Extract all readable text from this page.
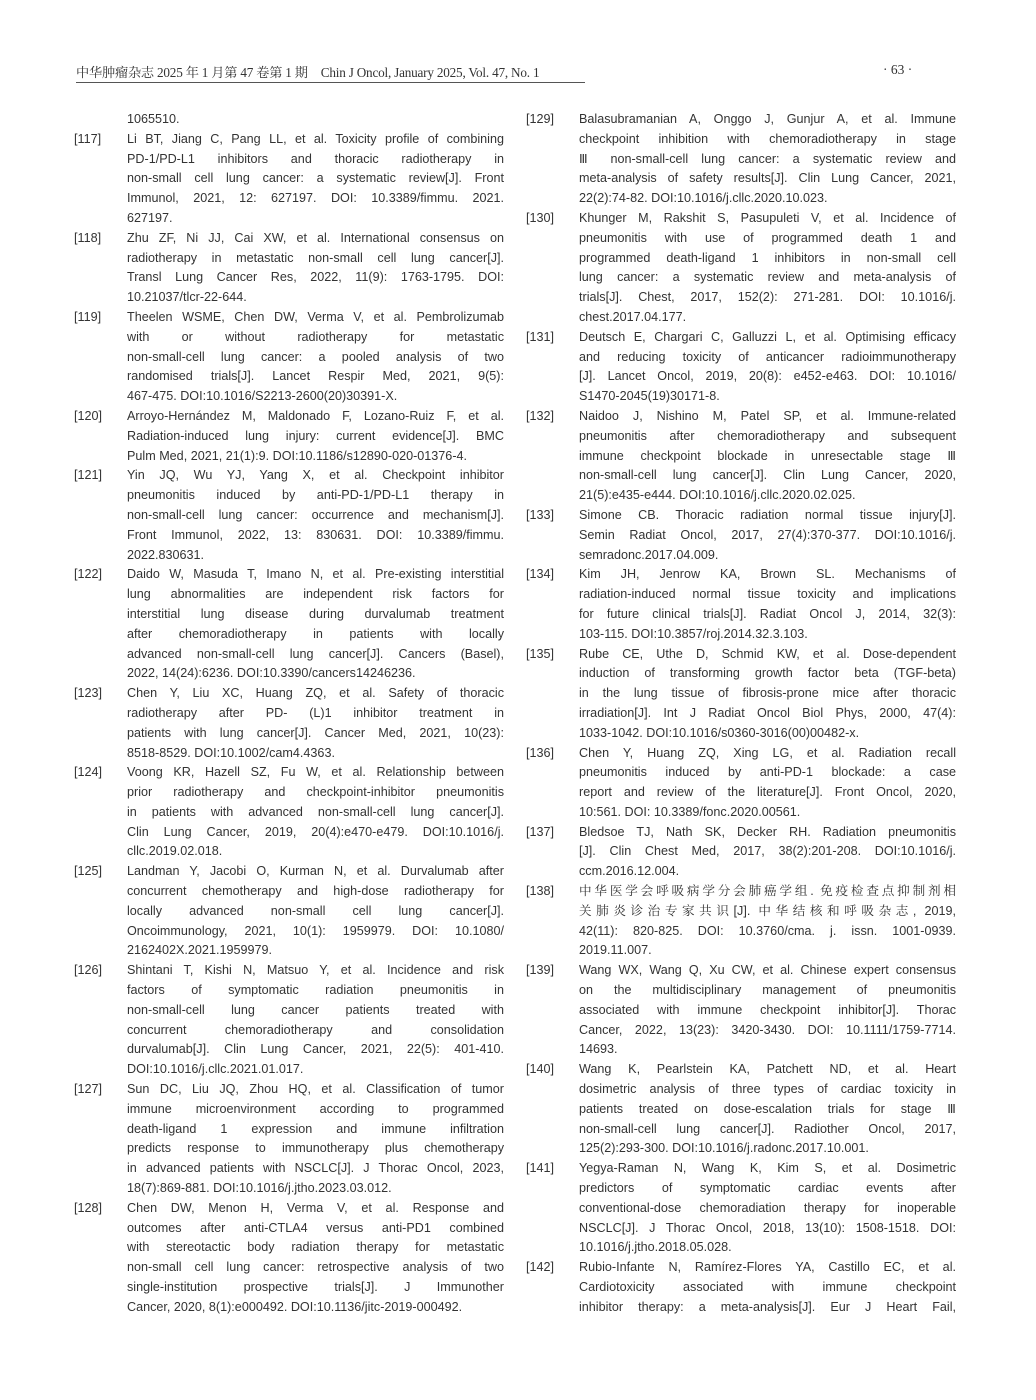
中华肿瘤杂志 2025 年 1 月第 47 卷第 1 期　Chin J Oncol, January 2025, Vol. 47, No. 1	· 63 ·
1065510.
[117] Li BT, Jiang C, Pang LL, et al. Toxicity profile of combining
PD-1/PD-L1 inhibitors and thoracic radiotherapy in
non-small cell lung cancer: a systematic review[J]. Front
Immunol, 2021, 12: 627197. DOI: 10.3389/fimmu. 2021.
627197.
[118] Zhu ZF, Ni JJ, Cai XW, et al. International consensus on
radiotherapy in metastatic non-small cell lung cancer[J].
Transl Lung Cancer Res, 2022, 11(9): 1763-1795. DOI:
10.21037/tlcr-22-644.
[119] Theelen WSME, Chen DW, Verma V, et al. Pembrolizumab
with or without radiotherapy for metastatic
non-small-cell lung cancer: a pooled analysis of two
randomised trials[J]. Lancet Respir Med, 2021, 9(5):
467-475. DOI:10.1016/S2213-2600(20)30391-X.
[120] Arroyo-Hernández M, Maldonado F, Lozano-Ruiz F, et al.
Radiation-induced lung injury: current evidence[J]. BMC
Pulm Med, 2021, 21(1):9. DOI:10.1186/s12890-020-01376-4.
[121] Yin JQ, Wu YJ, Yang X, et al. Checkpoint inhibitor
pneumonitis induced by anti-PD-1/PD-L1 therapy in
non-small-cell lung cancer: occurrence and mechanism[J].
Front Immunol, 2022, 13: 830631. DOI: 10.3389/fimmu.
2022.830631.
[122] Daido W, Masuda T, Imano N, et al. Pre-existing interstitial
lung abnormalities are independent risk factors for
interstitial lung disease during durvalumab treatment
after chemoradiotherapy in patients with locally
advanced non-small-cell lung cancer[J]. Cancers (Basel),
2022, 14(24):6236. DOI:10.3390/cancers14246236.
[123] Chen Y, Liu XC, Huang ZQ, et al. Safety of thoracic
radiotherapy after PD- (L)1 inhibitor treatment in
patients with lung cancer[J]. Cancer Med, 2021, 10(23):
8518-8529. DOI:10.1002/cam4.4363.
[124] Voong KR, Hazell SZ, Fu W, et al. Relationship between
prior radiotherapy and checkpoint-inhibitor pneumonitis
in patients with advanced non-small-cell lung cancer[J].
Clin Lung Cancer, 2019, 20(4):e470-e479. DOI:10.1016/j.
cllc.2019.02.018.
[125] Landman Y, Jacobi O, Kurman N, et al. Durvalumab after
concurrent chemotherapy and high-dose radiotherapy for
locally advanced non-small cell lung cancer[J].
Oncoimmunology, 2021, 10(1): 1959979. DOI: 10.1080/
2162402X.2021.1959979.
[126] Shintani T, Kishi N, Matsuo Y, et al. Incidence and risk
factors of symptomatic radiation pneumonitis in
non-small-cell lung cancer patients treated with
concurrent chemoradiotherapy and consolidation
durvalumab[J]. Clin Lung Cancer, 2021, 22(5): 401-410.
DOI:10.1016/j.cllc.2021.01.017.
[127] Sun DC, Liu JQ, Zhou HQ, et al. Classification of tumor
immune microenvironment according to programmed
death-ligand 1 expression and immune infiltration
predicts response to immunotherapy plus chemotherapy
in advanced patients with NSCLC[J]. J Thorac Oncol, 2023,
18(7):869-881. DOI:10.1016/j.jtho.2023.03.012.
[128] Chen DW, Menon H, Verma V, et al. Response and
outcomes after anti-CTLA4 versus anti-PD1 combined
with stereotactic body radiation therapy for metastatic
non-small cell lung cancer: retrospective analysis of two
single-institution prospective trials[J]. J Immunother
Cancer, 2020, 8(1):e000492. DOI:10.1136/jitc-2019-000492.
[129] Balasubramanian A, Onggo J, Gunjur A, et al. Immune
checkpoint inhibition with chemoradiotherapy in stage
Ⅲ non-small-cell lung cancer: a systematic review and
meta-analysis of safety results[J]. Clin Lung Cancer, 2021,
22(2):74-82. DOI:10.1016/j.cllc.2020.10.023.
[130] Khunger M, Rakshit S, Pasupuleti V, et al. Incidence of
pneumonitis with use of programmed death 1 and
programmed death-ligand 1 inhibitors in non-small cell
lung cancer: a systematic review and meta-analysis of
trials[J]. Chest, 2017, 152(2): 271-281. DOI: 10.1016/j.
chest.2017.04.177.
[131] Deutsch E, Chargari C, Galluzzi L, et al. Optimising efficacy
and reducing toxicity of anticancer radioimmunotherapy
[J]. Lancet Oncol, 2019, 20(8): e452-e463. DOI: 10.1016/
S1470-2045(19)30171-8.
[132] Naidoo J, Nishino M, Patel SP, et al. Immune-related
pneumonitis after chemoradiotherapy and subsequent
immune checkpoint blockade in unresectable stage Ⅲ
non-small-cell lung cancer[J]. Clin Lung Cancer, 2020,
21(5):e435-e444. DOI:10.1016/j.cllc.2020.02.025.
[133] Simone CB. Thoracic radiation normal tissue injury[J].
Semin Radiat Oncol, 2017, 27(4):370-377. DOI:10.1016/j.
semradonc.2017.04.009.
[134] Kim JH, Jenrow KA, Brown SL. Mechanisms of
radiation-induced normal tissue toxicity and implications
for future clinical trials[J]. Radiat Oncol J, 2014, 32(3):
103-115. DOI:10.3857/roj.2014.32.3.103.
[135] Rube CE, Uthe D, Schmid KW, et al. Dose-dependent
induction of transforming growth factor beta (TGF-beta)
in the lung tissue of fibrosis-prone mice after thoracic
irradiation[J]. Int J Radiat Oncol Biol Phys, 2000, 47(4):
1033-1042. DOI:10.1016/s0360-3016(00)00482-x.
[136] Chen Y, Huang ZQ, Xing LG, et al. Radiation recall
pneumonitis induced by anti-PD-1 blockade: a case
report and review of the literature[J]. Front Oncol, 2020,
10:561. DOI: 10.3389/fonc.2020.00561.
[137] Bledsoe TJ, Nath SK, Decker RH. Radiation pneumonitis
[J]. Clin Chest Med, 2017, 38(2):201-208. DOI:10.1016/j.
ccm.2016.12.004.
[138] 中华医学会呼吸病学分会肺癌学组. 免疫检查点抑制剂相
关肺炎诊治专家共识[J]. 中华结核和呼吸杂志, 2019,
42(11): 820-825. DOI: 10.3760/cma. j. issn. 1001-0939.
2019.11.007.
[139] Wang WX, Wang Q, Xu CW, et al. Chinese expert consensus
on the multidisciplinary management of pneumonitis
associated with immune checkpoint inhibitor[J]. Thorac
Cancer, 2022, 13(23): 3420-3430. DOI: 10.1111/1759-7714.
14693.
[140] Wang K, Pearlstein KA, Patchett ND, et al. Heart
dosimetric analysis of three types of cardiac toxicity in
patients treated on dose-escalation trials for stage Ⅲ
non-small-cell lung cancer[J]. Radiother Oncol, 2017,
125(2):293-300. DOI:10.1016/j.radonc.2017.10.001.
[141] Yegya-Raman N, Wang K, Kim S, et al. Dosimetric
predictors of symptomatic cardiac events after
conventional-dose chemoradiation therapy for inoperable
NSCLC[J]. J Thorac Oncol, 2018, 13(10): 1508-1518. DOI:
10.1016/j.jtho.2018.05.028.
[142] Rubio-Infante N, Ramírez-Flores YA, Castillo EC, et al.
Cardiotoxicity associated with immune checkpoint
inhibitor therapy: a meta-analysis[J]. Eur J Heart Fail,
